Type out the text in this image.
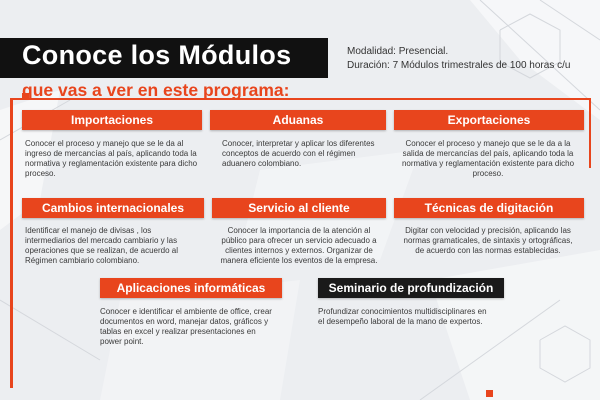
Conoce los Módulos
que vas a ver en este programa:
Modalidad: Presencial.
Duración: 7 Módulos trimestrales de 100 horas c/u
Importaciones
Conocer el proceso y manejo que se le da al ingreso de mercancías al país, aplicando toda la normativa y reglamentación existente para dicho proceso.
Aduanas
Conocer, interpretar y aplicar los diferentes conceptos de acuerdo con el régimen aduanero colombiano.
Exportaciones
Conocer el proceso y manejo que se le da a la salida de mercancías del país, aplicando toda la normativa y reglamentación existente para dicho proceso.
Cambios internacionales
Identificar el manejo de divisas , los intermediarios del mercado cambiario y las operaciones que se realizan, de acuerdo al Régimen cambiario colombiano.
Servicio al cliente
Conocer la importancia de la atención al público para ofrecer un servicio adecuado a clientes internos y externos. Organizar de manera eficiente los eventos de la empresa.
Técnicas de digitación
Digitar con velocidad y precisión, aplicando las normas gramaticales, de sintaxis y ortográficas, de acuerdo con las normas establecidas.
Aplicaciones informáticas
Conocer e identificar el ambiente de office, crear documentos en word, manejar datos, gráficos y tablas en excel y realizar presentaciones en power point.
Seminario de profundización
Profundizar conocimientos multidisciplinares en el desempeño laboral de la mano de expertos.
